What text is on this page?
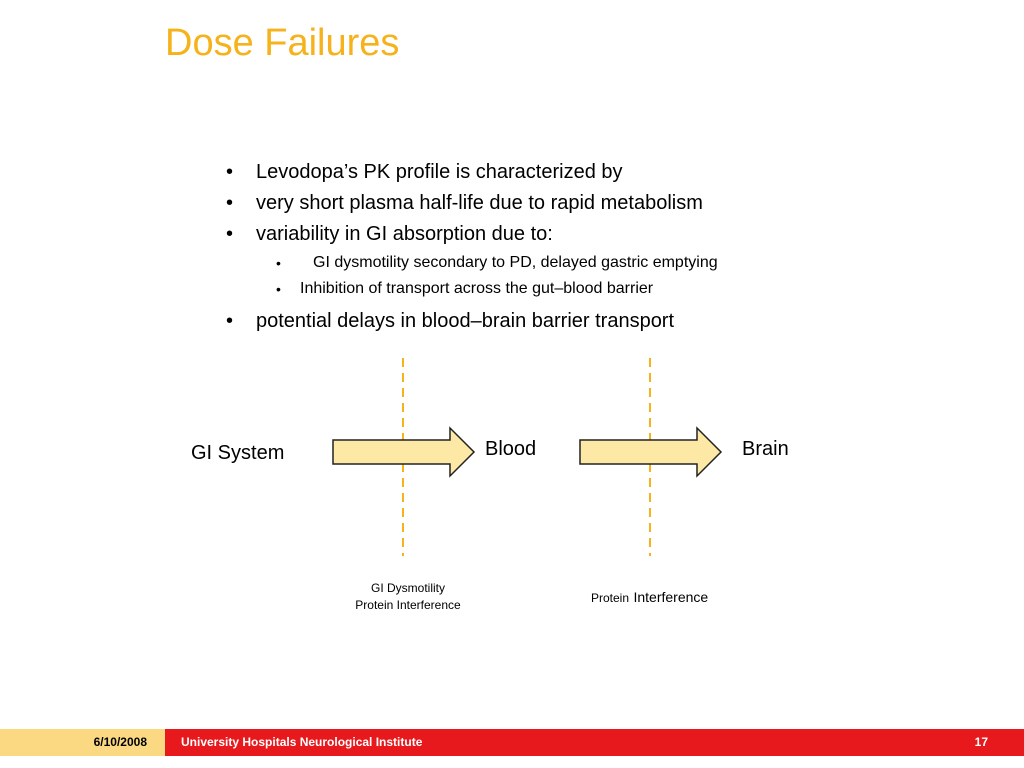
Dose Failures
• Levodopa’s PK profile is characterized by
• very short plasma half-life due to rapid metabolism
• variability in GI absorption due to:
• GI dysmotility secondary to PD, delayed gastric emptying
• Inhibition of transport across the gut–blood barrier
• potential delays in blood–brain barrier transport
GI System	Blood	Brain
GI Dysmotility
Protein Interference	Protein Interference
6/10/2008	University Hospitals Neurological Institute	17
